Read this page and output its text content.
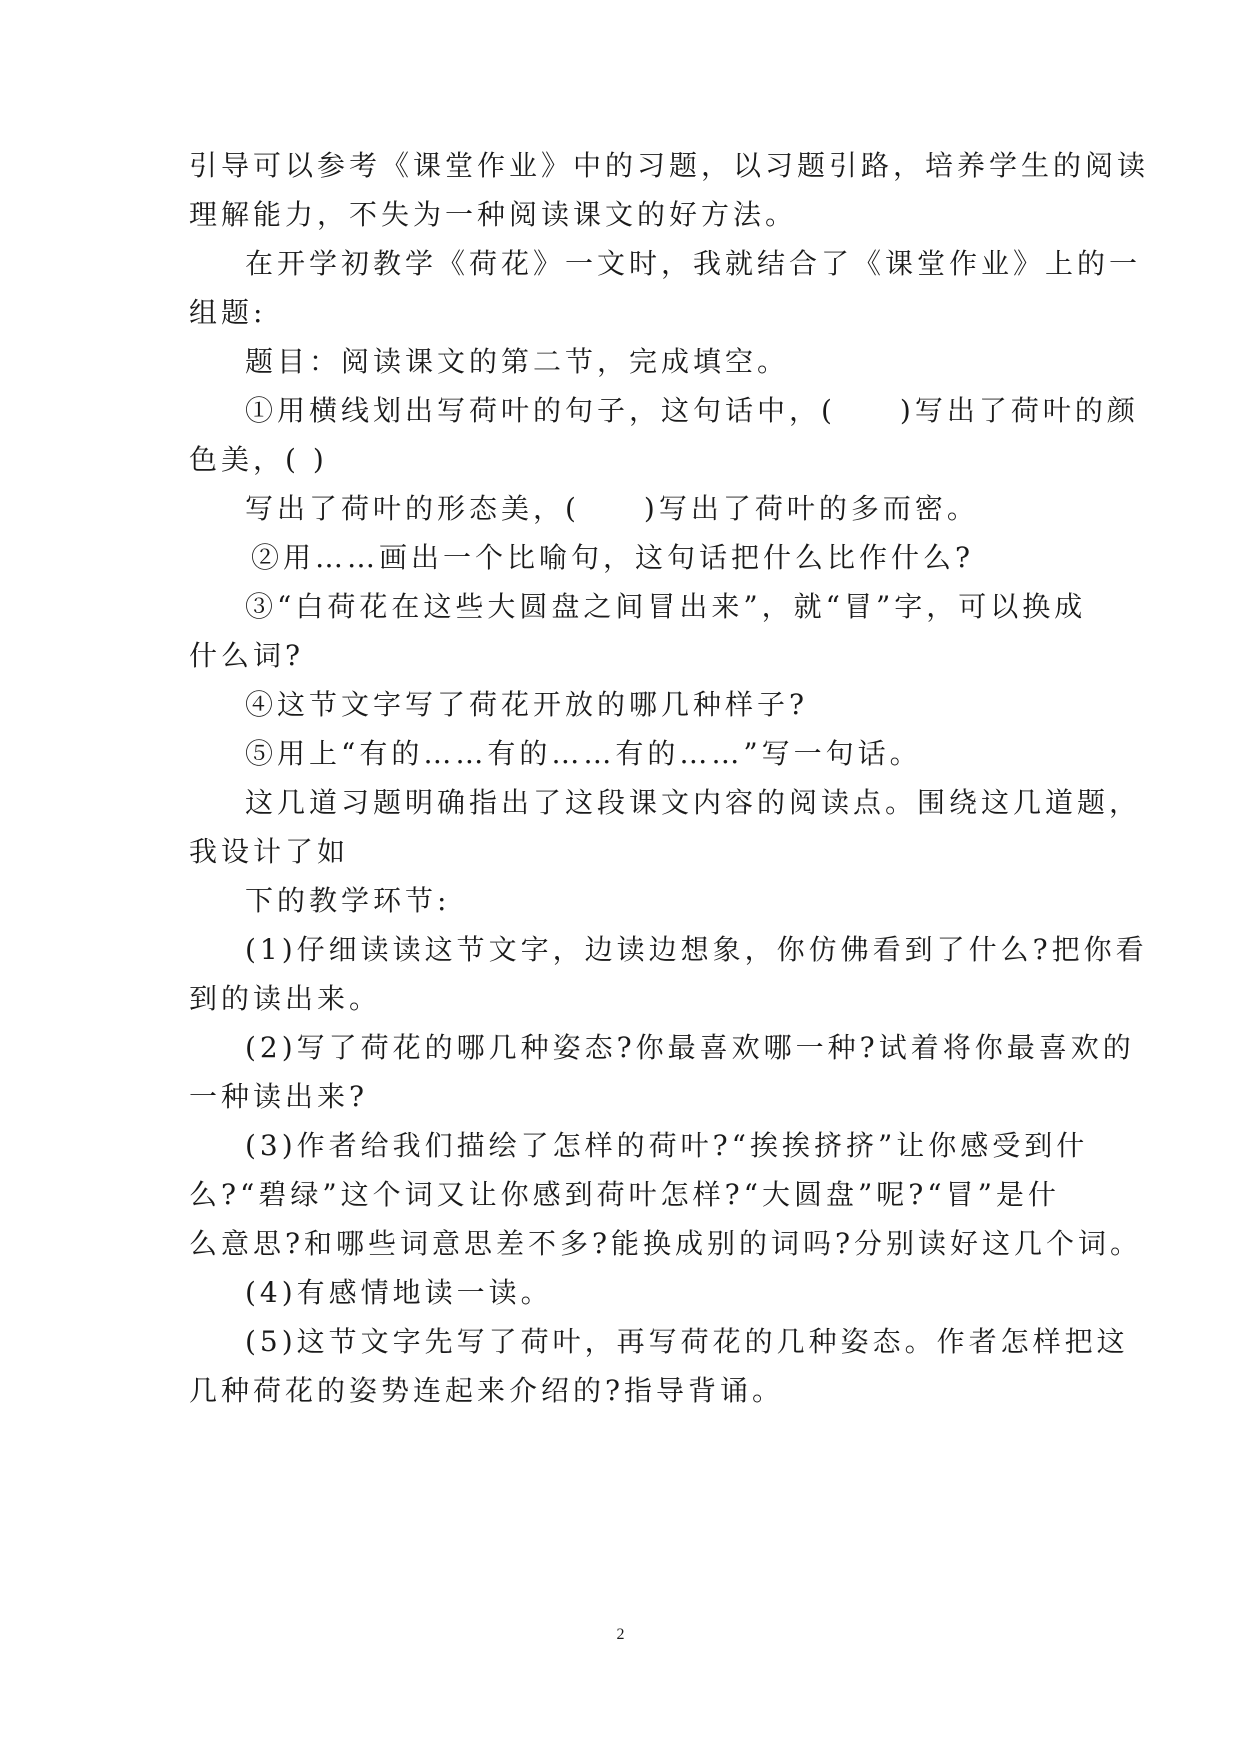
引导可以参考《课堂作业》中的习题，以习题引路，培养学生的阅读
理解能力，不失为一种阅读课文的好方法。
在开学初教学《荷花》一文时，我就结合了《课堂作业》上的一
组题:
题目：阅读课文的第二节，完成填空。
①用横线划出写荷叶的句子，这句话中，(　　)写出了荷叶的颜
色美，( )
写出了荷叶的形态美，(　　)写出了荷叶的多而密。
②用……画出一个比喻句，这句话把什么比作什么?
③“白荷花在这些大圆盘之间冒出来”，就“冒”字，可以换成
什么词?
④这节文字写了荷花开放的哪几种样子?
⑤用上“有的……有的……有的……”写一句话。
这几道习题明确指出了这段课文内容的阅读点。围绕这几道题，
我设计了如
下的教学环节:
(1)仔细读读这节文字，边读边想象，你仿佛看到了什么?把你看
到的读出来。
(2)写了荷花的哪几种姿态?你最喜欢哪一种?试着将你最喜欢的
一种读出来?
(3)作者给我们描绘了怎样的荷叶?“挨挨挤挤”让你感受到什
么?“碧绿”这个词又让你感到荷叶怎样?“大圆盘”呢?“冒”是什
么意思?和哪些词意思差不多?能换成别的词吗?分别读好这几个词。
(4)有感情地读一读。
(5)这节文字先写了荷叶，再写荷花的几种姿态。作者怎样把这
几种荷花的姿势连起来介绍的?指导背诵。
2
